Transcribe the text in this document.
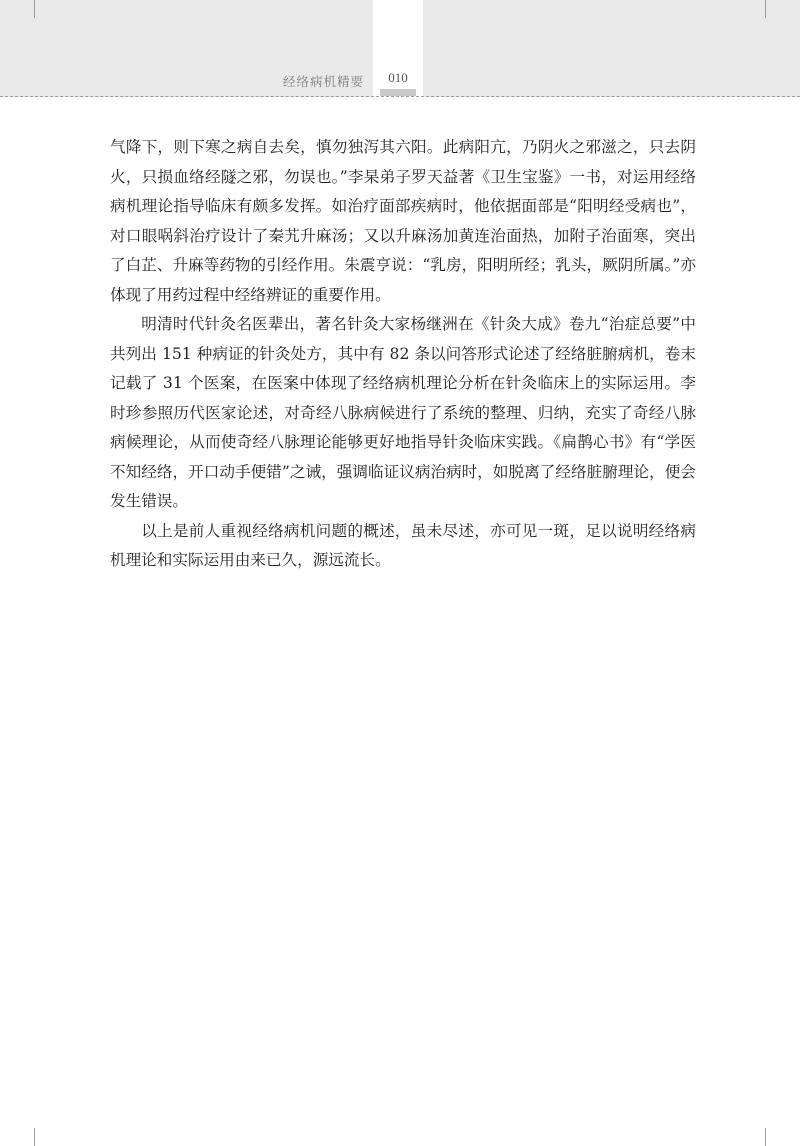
经络病机精要	010

气降下，则下寒之病自去矣，慎勿独泻其六阳。此病阳亢，乃阴火之邪滋之，只去阴火，只损血络经隧之邪，勿误也。”李杲弟子罗天益著《卫生宝鉴》一书，对运用经络病机理论指导临床有颇多发挥。如治疗面部疾病时，他依据面部是“阳明经受病也”，对口眼㖞斜治疗设计了秦艽升麻汤；又以升麻汤加黄连治面热，加附子治面寒，突出了白芷、升麻等药物的引经作用。朱震亨说：“乳房，阳明所经；乳头，厥阴所属。”亦体现了用药过程中经络辨证的重要作用。

明清时代针灸名医辈出，著名针灸大家杨继洲在《针灸大成》卷九“治症总要”中共列出 151 种病证的针灸处方，其中有 82 条以问答形式论述了经络脏腑病机，卷末记载了 31 个医案，在医案中体现了经络病机理论分析在针灸临床上的实际运用。李时珍参照历代医家论述，对奇经八脉病候进行了系统的整理、归纳，充实了奇经八脉病候理论，从而使奇经八脉理论能够更好地指导针灸临床实践。《扁鹊心书》有“学医不知经络，开口动手便错”之诫，强调临证议病治病时，如脱离了经络脏腑理论，便会发生错误。

以上是前人重视经络病机问题的概述，虽未尽述，亦可见一斑，足以说明经络病机理论和实际运用由来已久，源远流长。
